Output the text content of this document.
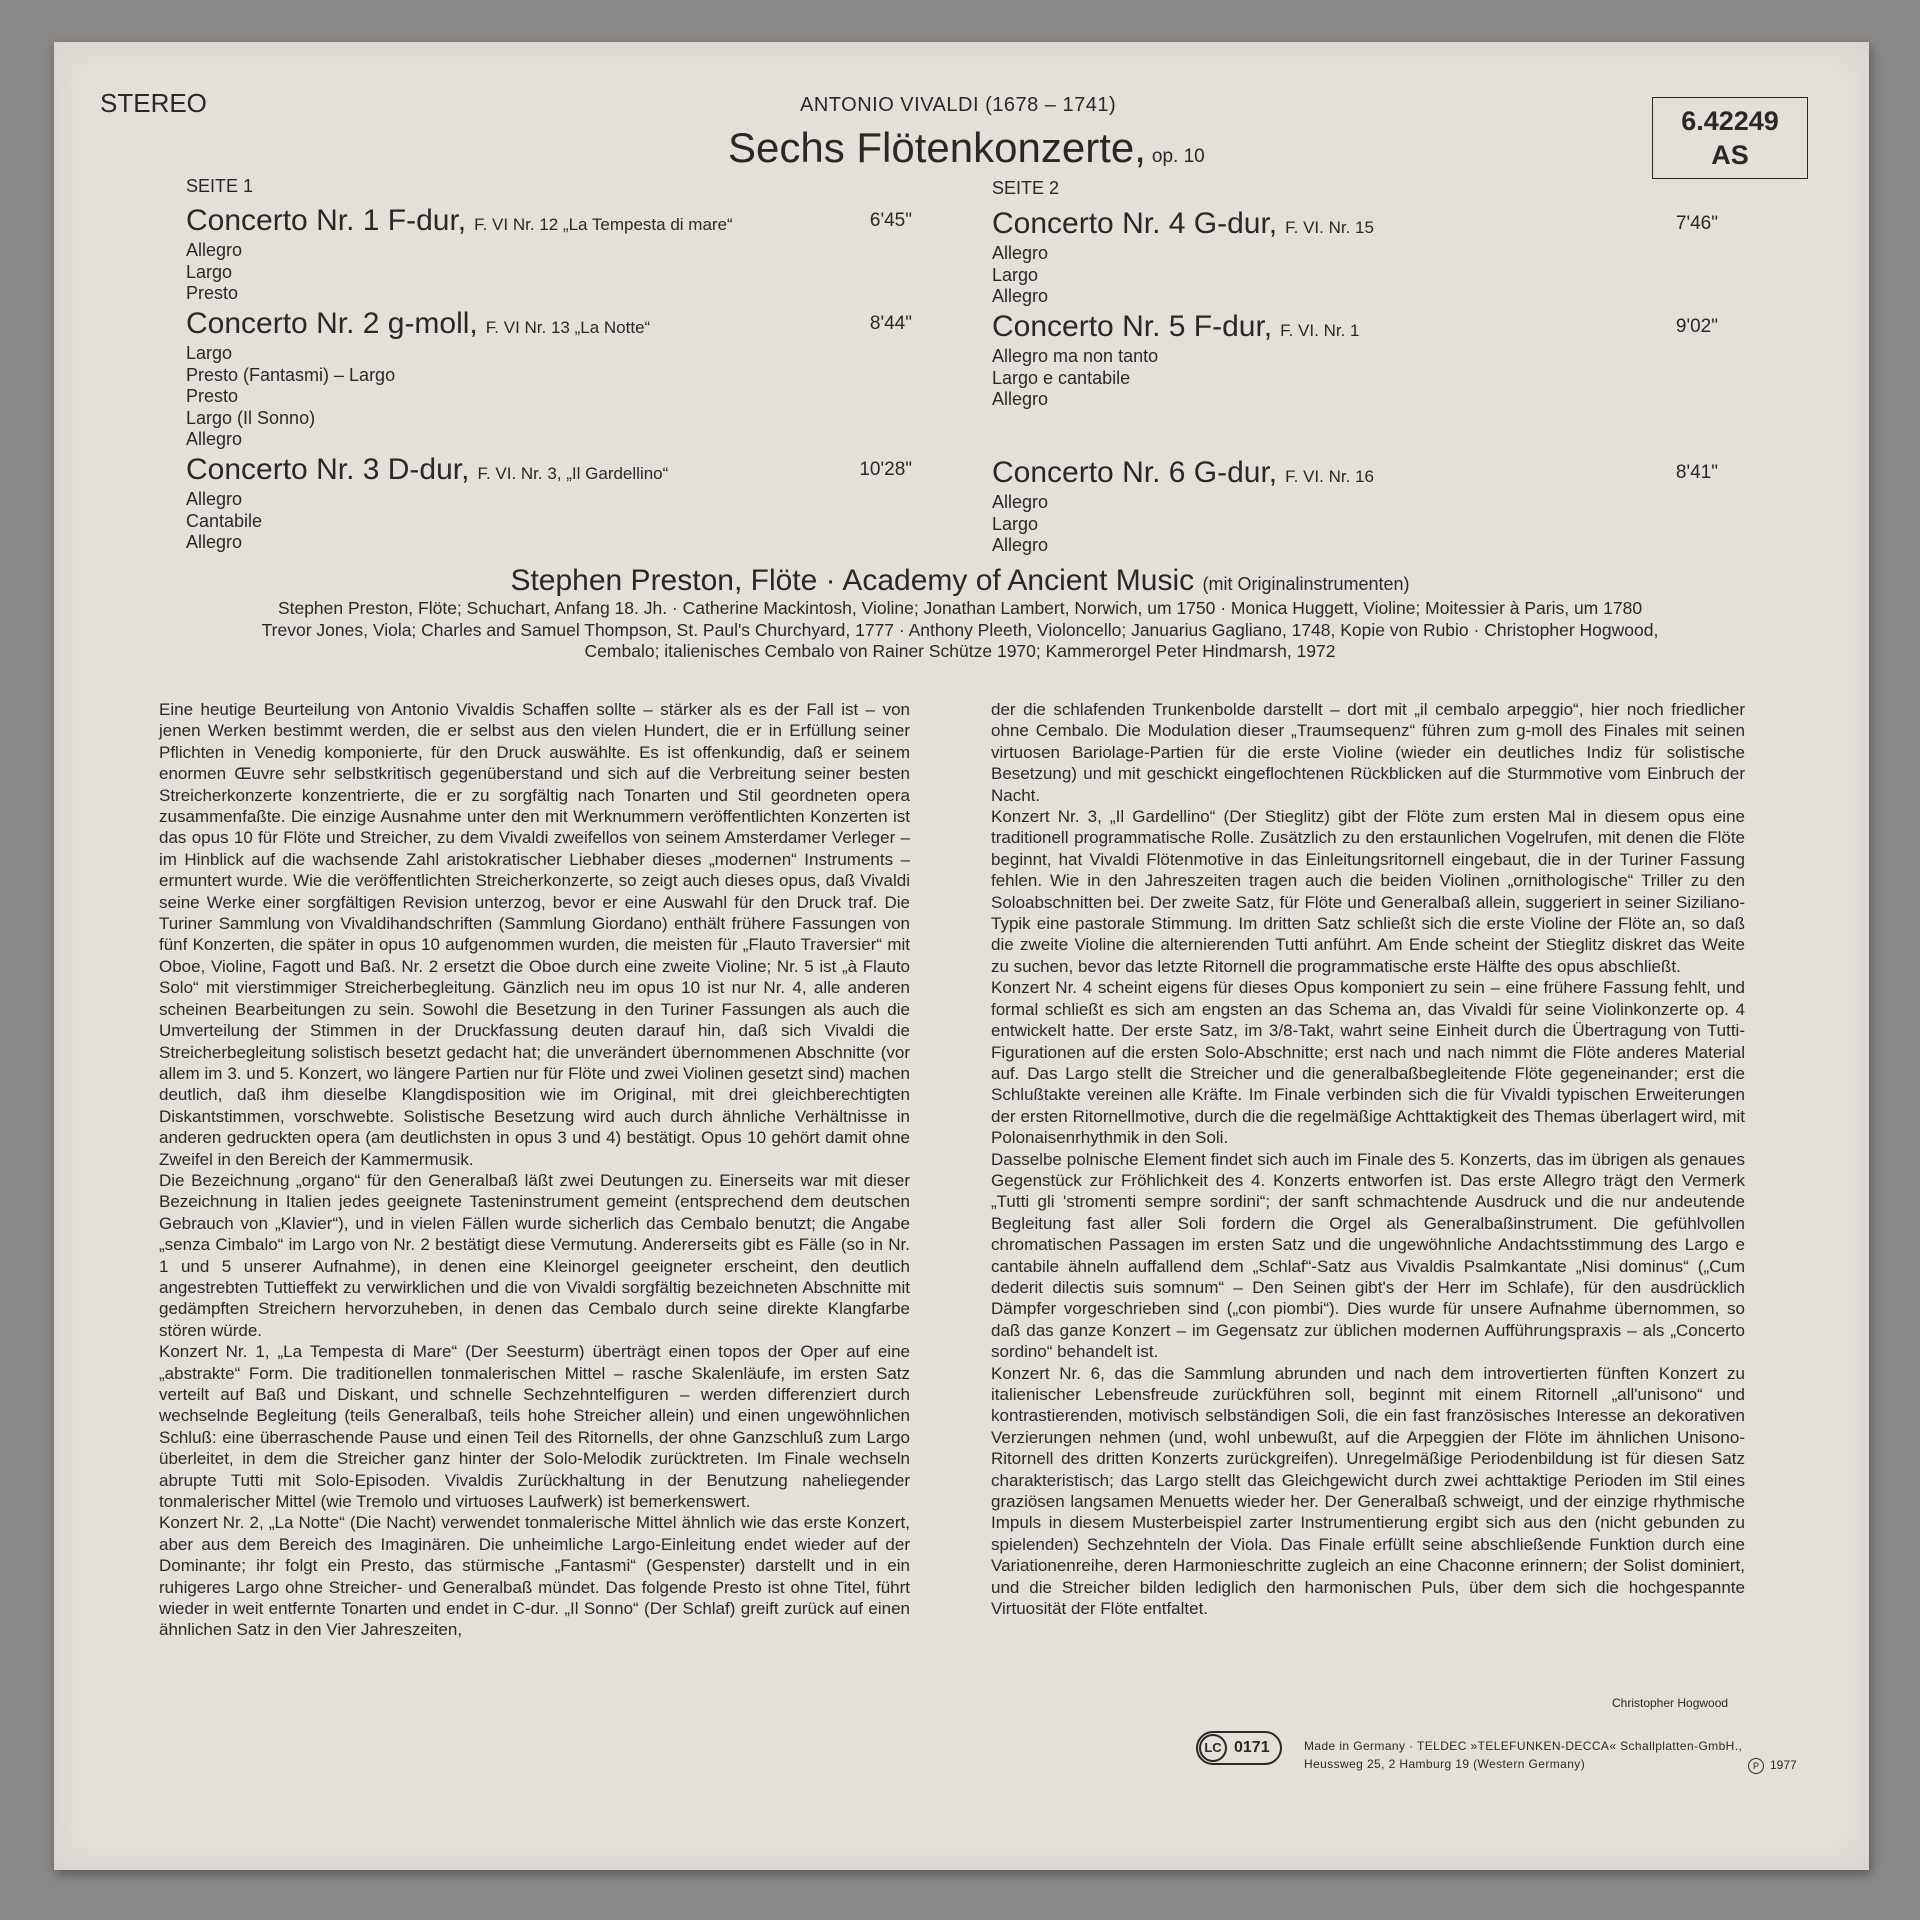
STEREO	ANTONIO VIVALDI (1678 – 1741)
Sechs Flötenkonzerte, op. 10
6.42249
AS
SEITE 1	SEITE 2
Concerto Nr. 1 F-dur, F. VI Nr. 12 „La Tempesta di mare“	6'45"
Allegro
Largo
Presto
Concerto Nr. 2 g-moll, F. VI Nr. 13 „La Notte“	8'44"
Largo
Presto (Fantasmi) – Largo
Presto
Largo (Il Sonno)
Allegro
Concerto Nr. 3 D-dur, F. VI. Nr. 3, „Il Gardellino“	10'28"
Allegro
Cantabile
Allegro
Concerto Nr. 4 G-dur, F. VI. Nr. 15	7'46"
Allegro
Largo
Allegro
Concerto Nr. 5 F-dur, F. VI. Nr. 1	9'02"
Allegro ma non tanto
Largo e cantabile
Allegro
Concerto Nr. 6 G-dur, F. VI. Nr. 16	8'41"
Allegro
Largo
Allegro
Stephen Preston, Flöte · Academy of Ancient Music (mit Originalinstrumenten)
Stephen Preston, Flöte; Schuchart, Anfang 18. Jh. · Catherine Mackintosh, Violine; Jonathan Lambert, Norwich, um 1750 · Monica Huggett, Violine; Moitessier à Paris, um 1780
Trevor Jones, Viola; Charles and Samuel Thompson, St. Paul's Churchyard, 1777 · Anthony Pleeth, Violoncello; Januarius Gagliano, 1748, Kopie von Rubio · Christopher Hogwood,
Cembalo; italienisches Cembalo von Rainer Schütze 1970; Kammerorgel Peter Hindmarsh, 1972

Eine heutige Beurteilung von Antonio Vivaldis Schaffen sollte – stärker als es der Fall ist – von jenen Werken bestimmt werden, die er selbst aus den vielen Hundert, die er in Erfüllung seiner Pflichten in Venedig komponierte, für den Druck auswählte. Es ist offenkundig, daß er seinem enormen Œuvre sehr selbstkritisch gegenüberstand und sich auf die Verbreitung seiner besten Streicherkonzerte konzentrierte, die er zu sorgfältig nach Tonarten und Stil geordneten opera zusammenfaßte. Die einzige Ausnahme unter den mit Werknummern veröffentlichten Konzerten ist das opus 10 für Flöte und Streicher, zu dem Vivaldi zweifellos von seinem Amsterdamer Verleger – im Hinblick auf die wachsende Zahl aristokratischer Liebhaber dieses „modernen“ Instruments – ermuntert wurde. Wie die veröffentlichten Streicherkonzerte, so zeigt auch dieses opus, daß Vivaldi seine Werke einer sorgfältigen Revision unterzog, bevor er eine Auswahl für den Druck traf. Die Turiner Sammlung von Vivaldihandschriften (Sammlung Giordano) enthält frühere Fassungen von fünf Konzerten, die später in opus 10 aufgenommen wurden, die meisten für „Flauto Traversier“ mit Oboe, Violine, Fagott und Baß. Nr. 2 ersetzt die Oboe durch eine zweite Violine; Nr. 5 ist „à Flauto Solo“ mit vierstimmiger Streicherbegleitung. Gänzlich neu im opus 10 ist nur Nr. 4, alle anderen scheinen Bearbeitungen zu sein. Sowohl die Besetzung in den Turiner Fassungen als auch die Umverteilung der Stimmen in der Druckfassung deuten darauf hin, daß sich Vivaldi die Streicherbegleitung solistisch besetzt gedacht hat; die unverändert übernommenen Abschnitte (vor allem im 3. und 5. Konzert, wo längere Partien nur für Flöte und zwei Violinen gesetzt sind) machen deutlich, daß ihm dieselbe Klangdisposition wie im Original, mit drei gleichberechtigten Diskantstimmen, vorschwebte. Solistische Besetzung wird auch durch ähnliche Verhältnisse in anderen gedruckten opera (am deutlichsten in opus 3 und 4) bestätigt. Opus 10 gehört damit ohne Zweifel in den Bereich der Kammermusik.

Die Bezeichnung „organo“ für den Generalbaß läßt zwei Deutungen zu. Einerseits war mit dieser Bezeichnung in Italien jedes geeignete Tasteninstrument gemeint (entsprechend dem deutschen Gebrauch von „Klavier“), und in vielen Fällen wurde sicherlich das Cembalo benutzt; die Angabe „senza Cimbalo“ im Largo von Nr. 2 bestätigt diese Vermutung. Andererseits gibt es Fälle (so in Nr. 1 und 5 unserer Aufnahme), in denen eine Kleinorgel geeigneter erscheint, den deutlich angestrebten Tuttieffekt zu verwirklichen und die von Vivaldi sorgfältig bezeichneten Abschnitte mit gedämpften Streichern hervorzuheben, in denen das Cembalo durch seine direkte Klangfarbe stören würde.

Konzert Nr. 1, „La Tempesta di Mare“ (Der Seesturm) überträgt einen topos der Oper auf eine „abstrakte“ Form. Die traditionellen tonmalerischen Mittel – rasche Skalenläufe, im ersten Satz verteilt auf Baß und Diskant, und schnelle Sechzehntelfiguren – werden differenziert durch wechselnde Begleitung (teils Generalbaß, teils hohe Streicher allein) und einen ungewöhnlichen Schluß: eine überraschende Pause und einen Teil des Ritornells, der ohne Ganzschluß zum Largo überleitet, in dem die Streicher ganz hinter der Solo-Melodik zurücktreten. Im Finale wechseln abrupte Tutti mit Solo-Episoden. Vivaldis Zurückhaltung in der Benutzung naheliegender tonmalerischer Mittel (wie Tremolo und virtuoses Laufwerk) ist bemerkenswert.

Konzert Nr. 2, „La Notte“ (Die Nacht) verwendet tonmalerische Mittel ähnlich wie das erste Konzert, aber aus dem Bereich des Imaginären. Die unheimliche Largo-Einleitung endet wieder auf der Dominante; ihr folgt ein Presto, das stürmische „Fantasmi“ (Gespenster) darstellt und in ein ruhigeres Largo ohne Streicher- und Generalbaß mündet. Das folgende Presto ist ohne Titel, führt wieder in weit entfernte Tonarten und endet in C-dur. „Il Sonno“ (Der Schlaf) greift zurück auf einen ähnlichen Satz in den Vier Jahreszeiten,

der die schlafenden Trunkenbolde darstellt – dort mit „il cembalo arpeggio“, hier noch friedlicher ohne Cembalo. Die Modulation dieser „Traumsequenz“ führen zum g-moll des Finales mit seinen virtuosen Bariolage-Partien für die erste Violine (wieder ein deutliches Indiz für solistische Besetzung) und mit geschickt eingeflochtenen Rückblicken auf die Sturmmotive vom Einbruch der Nacht.

Konzert Nr. 3, „Il Gardellino“ (Der Stieglitz) gibt der Flöte zum ersten Mal in diesem opus eine traditionell programmatische Rolle. Zusätzlich zu den erstaunlichen Vogelrufen, mit denen die Flöte beginnt, hat Vivaldi Flötenmotive in das Einleitungsritornell eingebaut, die in der Turiner Fassung fehlen. Wie in den Jahreszeiten tragen auch die beiden Violinen „ornithologische“ Triller zu den Soloabschnitten bei. Der zweite Satz, für Flöte und Generalbaß allein, suggeriert in seiner Siziliano-Typik eine pastorale Stimmung. Im dritten Satz schließt sich die erste Violine der Flöte an, so daß die zweite Violine die alternierenden Tutti anführt. Am Ende scheint der Stieglitz diskret das Weite zu suchen, bevor das letzte Ritornell die programmatische erste Hälfte des opus abschließt.

Konzert Nr. 4 scheint eigens für dieses Opus komponiert zu sein – eine frühere Fassung fehlt, und formal schließt es sich am engsten an das Schema an, das Vivaldi für seine Violinkonzerte op. 4 entwickelt hatte. Der erste Satz, im 3/8-Takt, wahrt seine Einheit durch die Übertragung von Tutti-Figurationen auf die ersten Solo-Abschnitte; erst nach und nach nimmt die Flöte anderes Material auf. Das Largo stellt die Streicher und die generalbaßbegleitende Flöte gegeneinander; erst die Schlußtakte vereinen alle Kräfte. Im Finale verbinden sich die für Vivaldi typischen Erweiterungen der ersten Ritornellmotive, durch die die regelmäßige Achttaktigkeit des Themas überlagert wird, mit Polonaisenrhythmik in den Soli.

Dasselbe polnische Element findet sich auch im Finale des 5. Konzerts, das im übrigen als genaues Gegenstück zur Fröhlichkeit des 4. Konzerts entworfen ist. Das erste Allegro trägt den Vermerk „Tutti gli 'stromenti sempre sordini“; der sanft schmachtende Ausdruck und die nur andeutende Begleitung fast aller Soli fordern die Orgel als Generalbaßinstrument. Die gefühlvollen chromatischen Passagen im ersten Satz und die ungewöhnliche Andachtsstimmung des Largo e cantabile ähneln auffallend dem „Schlaf“-Satz aus Vivaldis Psalmkantate „Nisi dominus“ („Cum dederit dilectis suis somnum“ – Den Seinen gibt's der Herr im Schlafe), für den ausdrücklich Dämpfer vorgeschrieben sind („con piombi“). Dies wurde für unsere Aufnahme übernommen, so daß das ganze Konzert – im Gegensatz zur üblichen modernen Aufführungspraxis – als „Concerto sordino“ behandelt ist.

Konzert Nr. 6, das die Sammlung abrunden und nach dem introvertierten fünften Konzert zu italienischer Lebensfreude zurückführen soll, beginnt mit einem Ritornell „all'unisono“ und kontrastierenden, motivisch selbständigen Soli, die ein fast französisches Interesse an dekorativen Verzierungen nehmen (und, wohl unbewußt, auf die Arpeggien der Flöte im ähnlichen Unisono-Ritornell des dritten Konzerts zurückgreifen). Unregelmäßige Periodenbildung ist für diesen Satz charakteristisch; das Largo stellt das Gleichgewicht durch zwei achttaktige Perioden im Stil eines graziösen langsamen Menuetts wieder her. Der Generalbaß schweigt, und der einzige rhythmische Impuls in diesem Musterbeispiel zarter Instrumentierung ergibt sich aus den (nicht gebunden zu spielenden) Sechzehnteln der Viola. Das Finale erfüllt seine abschließende Funktion durch eine Variationenreihe, deren Harmonieschritte zugleich an eine Chaconne erinnern; der Solist dominiert, und die Streicher bilden lediglich den harmonischen Puls, über dem sich die hochgespannte Virtuosität der Flöte entfaltet.

Christopher Hogwood
LC 0171	Made in Germany · TELDEC »TELEFUNKEN-DECCA« Schallplatten-GmbH.,
Heussweg 25, 2 Hamburg 19 (Western Germany)	P 1977
